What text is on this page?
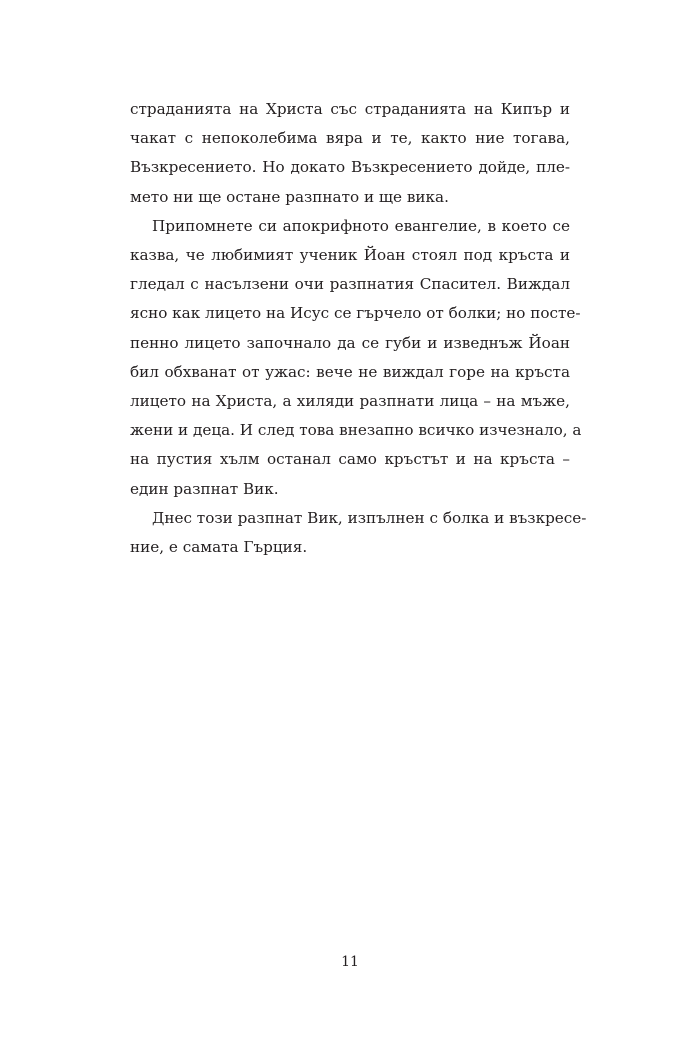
страданията на Христа със страданията на Кипър и
чакат с непоколебима вяра и те, както ние тогава,
Възкресението. Но докато Възкресението дойде, пле-
мето ни ще остане разпнато и ще вика.
Припомнете си апокрифното евангелие, в което се
казва, че любимият ученик Йоан стоял под кръста и
гледал с насълзени очи разпнатия Спасител. Виждал
ясно как лицето на Исус се гърчело от болки; но посте-
пенно лицето започнало да се губи и изведнъж Йоан
бил обхванат от ужас: вече не виждал горе на кръста
лицето на Христа, а хиляди разпнати лица – на мъже,
жени и деца. И след това внезапно всичко изчезнало, а
на пустия хълм останал само кръстът и на кръста –
един разпнат Вик.
Днес този разпнат Вик, изпълнен с болка и възкресе-
ние, е самата Гърция.
11
